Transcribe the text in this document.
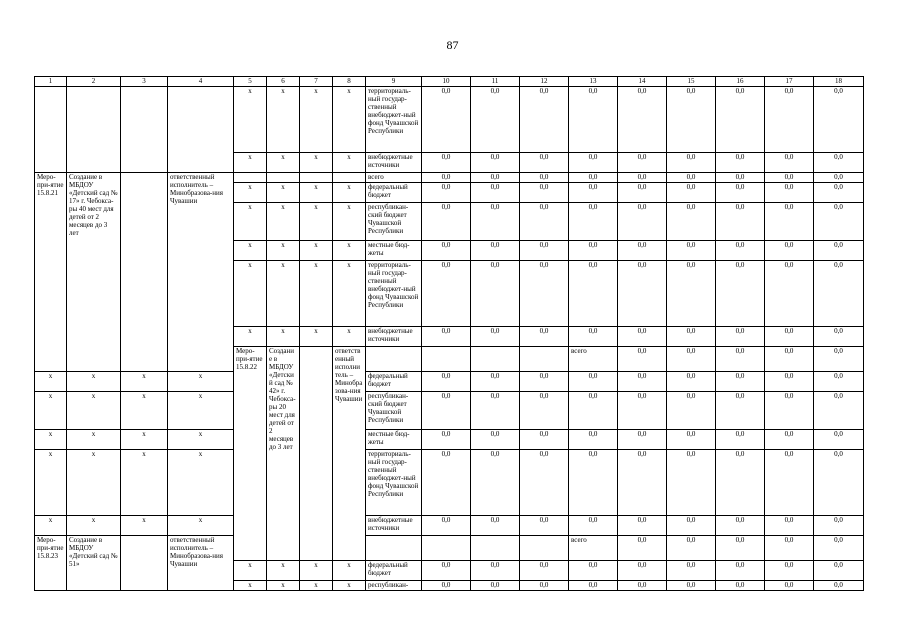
87
1	2	3	4	5	6	7	8	9	10	11	12	13	14	15	16	17	18	
				x	x	x	x	территориаль-ный государ-ственный внебюджет-ный фонд Чувашской Республики	0,0	0,0	0,0	0,0	0,0	0,0	0,0	0,0	0,0	
				x	x	x	x	внебюджетные источники	0,0	0,0	0,0	0,0	0,0	0,0	0,0	0,0	0,0	
Меро-при-ятие 15.8.21	Создание в МБДОУ «Детский сад № 17» г. Чебокса-ры 40 мест для детей от 2 месяцев до 3 лет		ответственный исполнитель – Минобразова-ния Чувашии					всего	0,0	0,0	0,0	0,0	0,0	0,0	0,0	0,0	0,0	
				x	x	x	x	федеральный бюджет	0,0	0,0	0,0	0,0	0,0	0,0	0,0	0,0	0,0	
				x	x	x	x	республикан-ский бюджет Чувашской Республики	0,0	0,0	0,0	0,0	0,0	0,0	0,0	0,0	0,0	
				x	x	x	x	местные бюд-жеты	0,0	0,0	0,0	0,0	0,0	0,0	0,0	0,0	0,0	
				x	x	x	x	территориаль-ный государ-ственный внебюджет-ный фонд Чувашской Республики	0,0	0,0	0,0	0,0	0,0	0,0	0,0	0,0	0,0	
				x	x	x	x	внебюджетные источники	0,0	0,0	0,0	0,0	0,0	0,0	0,0	0,0	0,0	
				Меро-при-ятие 15.8.22	Создание в МБДОУ «Детский сад № 42» г. Чебокса-ры 20 мест для детей от 2 месяцев до 3 лет		ответственный исполнитель – Минобразова-ния Чувашии					всего	0,0	0,0	0,0	0,0	0,0				
x	x	x	x					федеральный бюджет	0,0	0,0	0,0	0,0	0,0	0,0	0,0	0,0	0,0	
x	x	x	x					республикан-ский бюджет Чувашской Республики	0,0	0,0	0,0	0,0	0,0	0,0	0,0	0,0	0,0	
x	x	x	x					местные бюд-жеты	0,0	0,0	0,0	0,0	0,0	0,0	0,0	0,0	0,0	
x	x	x	x					территориаль-ный государ-ственный внебюджет-ный фонд Чувашской Республики	0,0	0,0	0,0	0,0	0,0	0,0	0,0	0,0	0,0	
x	x	x	x					внебюджетные источники	0,0	0,0	0,0	0,0	0,0	0,0	0,0	0,0	0,0	
Меро-при-ятие 15.8.23	Создание в МБДОУ «Детский сад № 51»		ответственный исполнитель – Минобразова-ния Чувашии									всего	0,0	0,0	0,0	0,0	0,0				
				x	x	x	x	федеральный бюджет	0,0	0,0	0,0	0,0	0,0	0,0	0,0	0,0	0,0	
				x	x	x	x	республикан-	0,0	0,0	0,0	0,0	0,0	0,0	0,0	0,0	0,0	
